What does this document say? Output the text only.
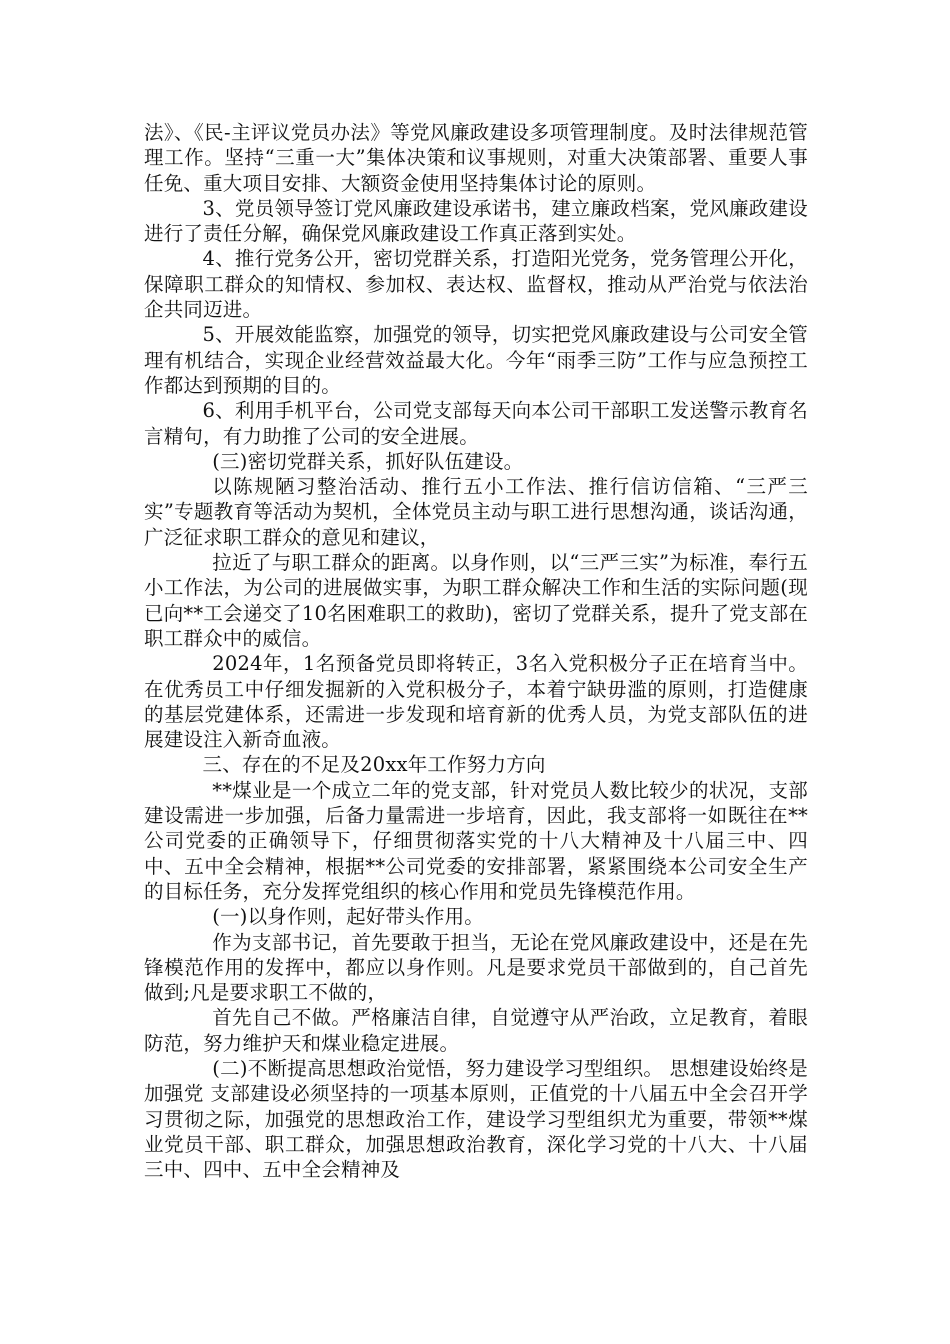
法》、《民-主评议党员办法》等党风廉政建设多项管理制度。及时法律规范管理工作。坚持“三重一大”集体决策和议事规则，对重大决策部署、重要人事任免、重大项目安排、大额资金使用坚持集体讨论的原则。

3、党员领导签订党风廉政建设承诺书，建立廉政档案，党风廉政建设进行了责任分解，确保党风廉政建设工作真正落到实处。

4、推行党务公开，密切党群关系，打造阳光党务，党务管理公开化，保障职工群众的知情权、参加权、表达权、监督权，推动从严治党与依法治企共同迈进。

5、开展效能监察，加强党的领导，切实把党风廉政建设与公司安全管理有机结合，实现企业经营效益最大化。今年“雨季三防”工作与应急预控工作都达到预期的目的。

6、利用手机平台，公司党支部每天向本公司干部职工发送警示教育名言精句，有力助推了公司的安全进展。

(三)密切党群关系，抓好队伍建设。

以陈规陋习整治活动、推行五小工作法、推行信访信箱、“三严三实”专题教育等活动为契机，全体党员主动与职工进行思想沟通，谈话沟通，广泛征求职工群众的意见和建议，

拉近了与职工群众的距离。以身作则，以“三严三实”为标准，奉行五小工作法，为公司的进展做实事，为职工群众解决工作和生活的实际问题(现已向**工会递交了10名困难职工的救助)，密切了党群关系，提升了党支部在职工群众中的威信。

2024年，1名预备党员即将转正，3名入党积极分子正在培育当中。在优秀员工中仔细发掘新的入党积极分子，本着宁缺毋滥的原则，打造健康的基层党建体系，还需进一步发现和培育新的优秀人员，为党支部队伍的进展建设注入新奇血液。

三、存在的不足及20xx年工作努力方向

**煤业是一个成立二年的党支部，针对党员人数比较少的状况，支部建设需进一步加强，后备力量需进一步培育，因此，我支部将一如既往在**公司党委的正确领导下，仔细贯彻落实党的十八大精神及十八届三中、四中、五中全会精神，根据**公司党委的安排部署，紧紧围绕本公司安全生产的目标任务，充分发挥党组织的核心作用和党员先锋模范作用。

(一)以身作则，起好带头作用。

作为支部书记，首先要敢于担当，无论在党风廉政建设中，还是在先锋模范作用的发挥中，都应以身作则。凡是要求党员干部做到的，自己首先做到;凡是要求职工不做的，

首先自己不做。严格廉洁自律，自觉遵守从严治政，立足教育，着眼防范，努力维护天和煤业稳定进展。

(二)不断提高思想政治觉悟，努力建设学习型组织。 思想建设始终是加强党 支部建设必须坚持的一项基本原则，正值党的十八届五中全会召开学习贯彻之际，加强党的思想政治工作，建设学习型组织尤为重要，带领**煤业党员干部、职工群众，加强思想政治教育，深化学习党的十八大、十八届三中、四中、五中全会精神及
